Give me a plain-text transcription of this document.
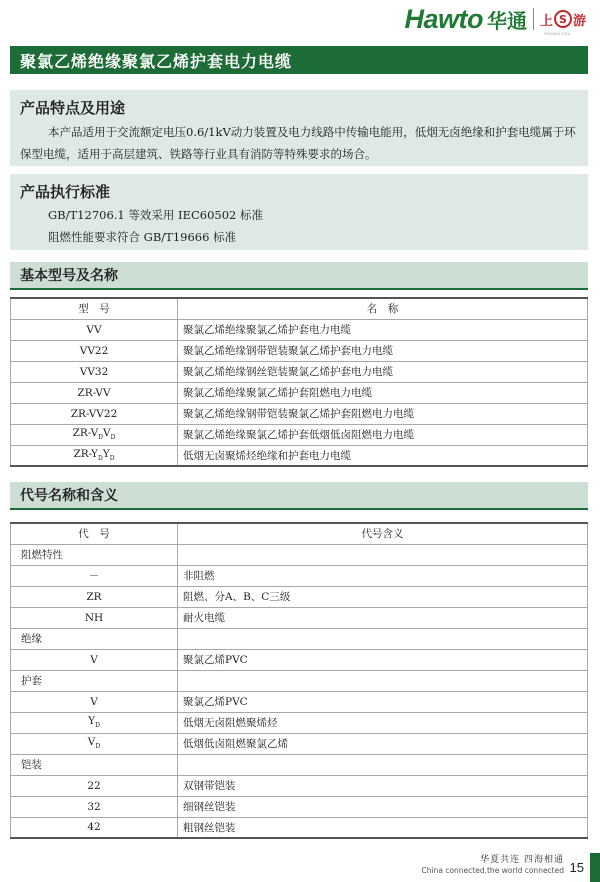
Hawto 华通 上 S 游
SHANGYOU
聚氯乙烯绝缘聚氯乙烯护套电力电缆
产品特点及用途
本产品适用于交流额定电压0.6/1kV动力装置及电力线路中传输电能用，低烟无卤绝缘和护套电缆属于环保型电缆，适用于高层建筑、铁路等行业具有消防等特殊要求的场合。
产品执行标准
GB/T12706.1 等效采用 IEC60502 标准
阻燃性能要求符合 GB/T19666 标准
基本型号及名称
型　号	名　称
VV	聚氯乙烯绝缘聚氯乙烯护套电力电缆
VV22	聚氯乙烯绝缘钢带铠装聚氯乙烯护套电力电缆
VV32	聚氯乙烯绝缘钢丝铠装聚氯乙烯护套电力电缆
ZR-VV	聚氯乙烯绝缘聚氯乙烯护套阻燃电力电缆
ZR-VV22	聚氯乙烯绝缘钢带铠装聚氯乙烯护套阻燃电力电缆
$ZR-V_DV_D$	聚氯乙烯绝缘聚氯乙烯护套低烟低卤阻燃电力电缆
$ZR-Y_DY_D$	低烟无卤聚烯烃绝缘和护套电力电缆
代号名称和含义
代　号	代号含义
阻燃特性	
－	非阻燃
ZR	阻燃、分A、B、C三级
NH	耐火电缆
绝缘	
V	聚氯乙烯PVC
护套	
V	聚氯乙烯PVC
$Y_D$	低烟无卤阻燃聚烯烃
$V_D$	低烟低卤阻燃聚氯乙烯
铠装	
22	双钢带铠装
32	细钢丝铠装
42	粗钢丝铠装
华夏共连 四海相通
China connected,the world connected 15
